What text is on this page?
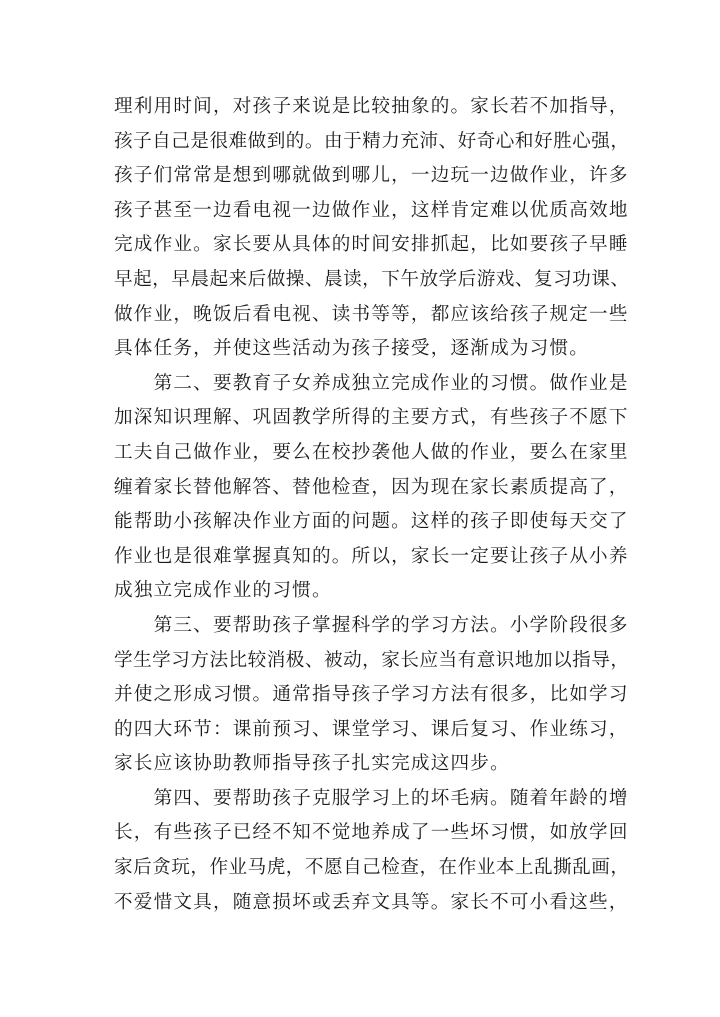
理利用时间，对孩子来说是比较抽象的。家长若不加指导，
孩子自己是很难做到的。由于精力充沛、好奇心和好胜心强，
孩子们常常是想到哪就做到哪儿，一边玩一边做作业，许多
孩子甚至一边看电视一边做作业，这样肯定难以优质高效地
完成作业。家长要从具体的时间安排抓起，比如要孩子早睡
早起，早晨起来后做操、晨读，下午放学后游戏、复习功课、
做作业，晚饭后看电视、读书等等，都应该给孩子规定一些
具体任务，并使这些活动为孩子接受，逐渐成为习惯。
　　第二、要教育子女养成独立完成作业的习惯。做作业是
加深知识理解、巩固教学所得的主要方式，有些孩子不愿下
工夫自己做作业，要么在校抄袭他人做的作业，要么在家里
缠着家长替他解答、替他检查，因为现在家长素质提高了，
能帮助小孩解决作业方面的问题。这样的孩子即使每天交了
作业也是很难掌握真知的。所以，家长一定要让孩子从小养
成独立完成作业的习惯。
　　第三、要帮助孩子掌握科学的学习方法。小学阶段很多
学生学习方法比较消极、被动，家长应当有意识地加以指导，
并使之形成习惯。通常指导孩子学习方法有很多，比如学习
的四大环节：课前预习、课堂学习、课后复习、作业练习，
家长应该协助教师指导孩子扎实完成这四步。
　　第四、要帮助孩子克服学习上的坏毛病。随着年龄的增
长，有些孩子已经不知不觉地养成了一些坏习惯，如放学回
家后贪玩，作业马虎，不愿自己检查，在作业本上乱撕乱画，
不爱惜文具，随意损坏或丢弃文具等。家长不可小看这些，
